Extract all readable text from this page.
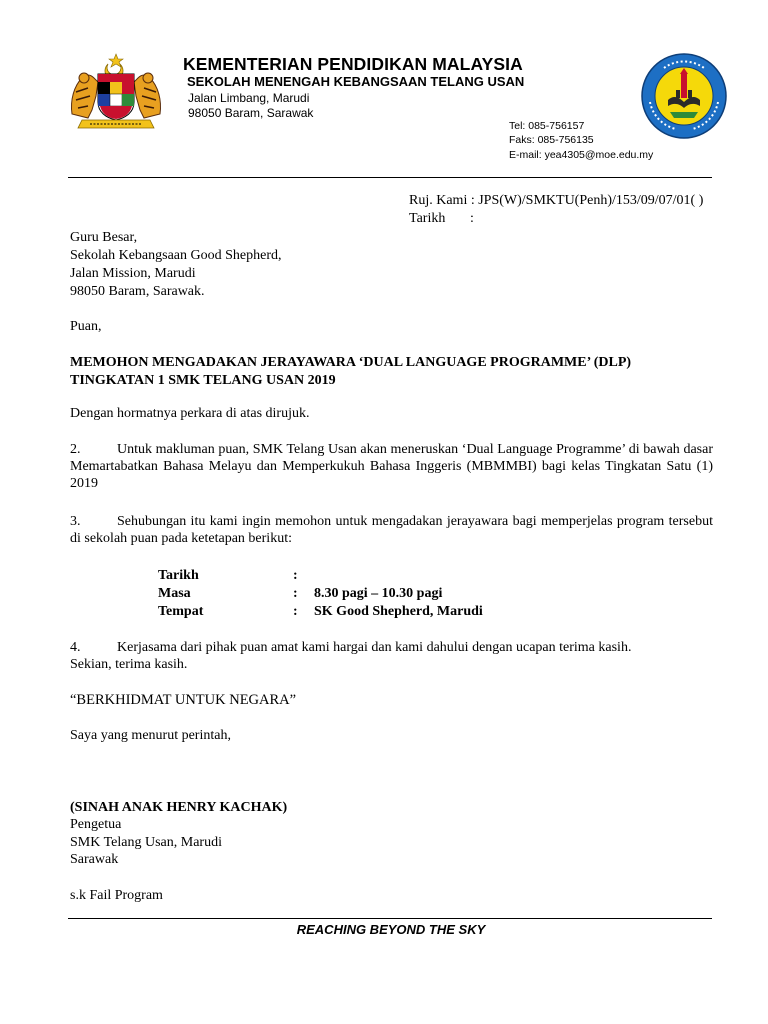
KEMENTERIAN PENDIDIKAN MALAYSIA
SEKOLAH MENENGAH KEBANGSAAN TELANG USAN
Jalan Limbang, Marudi
98050 Baram, Sarawak
Tel: 085-756157
Faks: 085-756135
E-mail: yea4305@moe.edu.my
Ruj. Kami : JPS(W)/SMKTU(Penh)/153/09/07/01( )
Tarikh :
Guru Besar,
Sekolah Kebangsaan Good Shepherd,
Jalan Mission, Marudi
98050 Baram, Sarawak.
Puan,
MEMOHON MENGADAKAN JERAYAWARA ‘DUAL LANGUAGE PROGRAMME’ (DLP)
TINGKATAN 1 SMK TELANG USAN 2019
Dengan hormatnya perkara di atas dirujuk.
2.	Untuk makluman puan, SMK Telang Usan akan meneruskan ‘Dual Language Programme’ di bawah dasar Memartabatkan Bahasa Melayu dan Memperkukuh Bahasa Inggeris (MBMMBI) bagi kelas Tingkatan Satu (1) 2019
3.	Sehubungan itu kami ingin memohon untuk mengadakan jerayawara bagi memperjelas program tersebut di sekolah puan pada ketetapan berikut:
Tarikh	:
Masa	: 8.30 pagi – 10.30 pagi
Tempat	: SK Good Shepherd, Marudi
4.	Kerjasama dari pihak puan amat kami hargai dan kami dahului dengan ucapan terima kasih.
Sekian, terima kasih.
“BERKHIDMAT UNTUK NEGARA”
Saya yang menurut perintah,
(SINAH ANAK HENRY KACHAK)
Pengetua
SMK Telang Usan, Marudi
Sarawak
s.k Fail Program
REACHING BEYOND THE SKY
